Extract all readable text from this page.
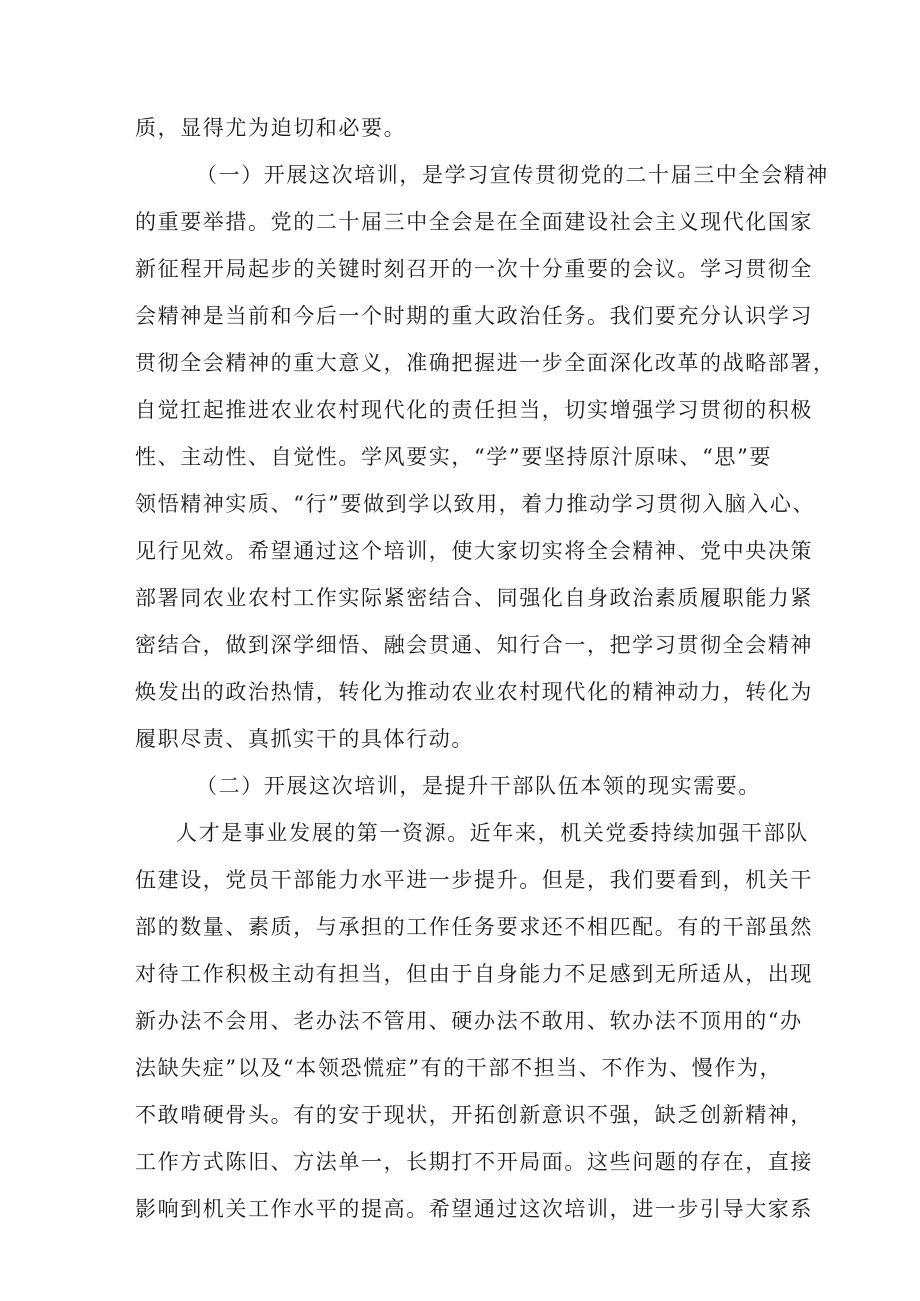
质，显得尤为迫切和必要。
（一）开展这次培训，是学习宣传贯彻党的二十届三中全会精神
的重要举措。党的二十届三中全会是在全面建设社会主义现代化国家
新征程开局起步的关键时刻召开的一次十分重要的会议。学习贯彻全
会精神是当前和今后一个时期的重大政治任务。我们要充分认识学习
贯彻全会精神的重大意义，准确把握进一步全面深化改革的战略部署，
自觉扛起推进农业农村现代化的责任担当，切实增强学习贯彻的积极
性、主动性、自觉性。学风要实，“学”要坚持原汁原味、“思”要
领悟精神实质、“行”要做到学以致用，着力推动学习贯彻入脑入心、
见行见效。希望通过这个培训，使大家切实将全会精神、党中央决策
部署同农业农村工作实际紧密结合、同强化自身政治素质履职能力紧
密结合，做到深学细悟、融会贯通、知行合一，把学习贯彻全会精神
焕发出的政治热情，转化为推动农业农村现代化的精神动力，转化为
履职尽责、真抓实干的具体行动。
（二）开展这次培训，是提升干部队伍本领的现实需要。
人才是事业发展的第一资源。近年来，机关党委持续加强干部队
伍建设，党员干部能力水平进一步提升。但是，我们要看到，机关干
部的数量、素质，与承担的工作任务要求还不相匹配。有的干部虽然
对待工作积极主动有担当，但由于自身能力不足感到无所适从，出现
新办法不会用、老办法不管用、硬办法不敢用、软办法不顶用的“办
法缺失症”以及“本领恐慌症”有的干部不担当、不作为、慢作为，
不敢啃硬骨头。有的安于现状，开拓创新意识不强，缺乏创新精神，
工作方式陈旧、方法单一，长期打不开局面。这些问题的存在，直接
影响到机关工作水平的提高。希望通过这次培训，进一步引导大家系
